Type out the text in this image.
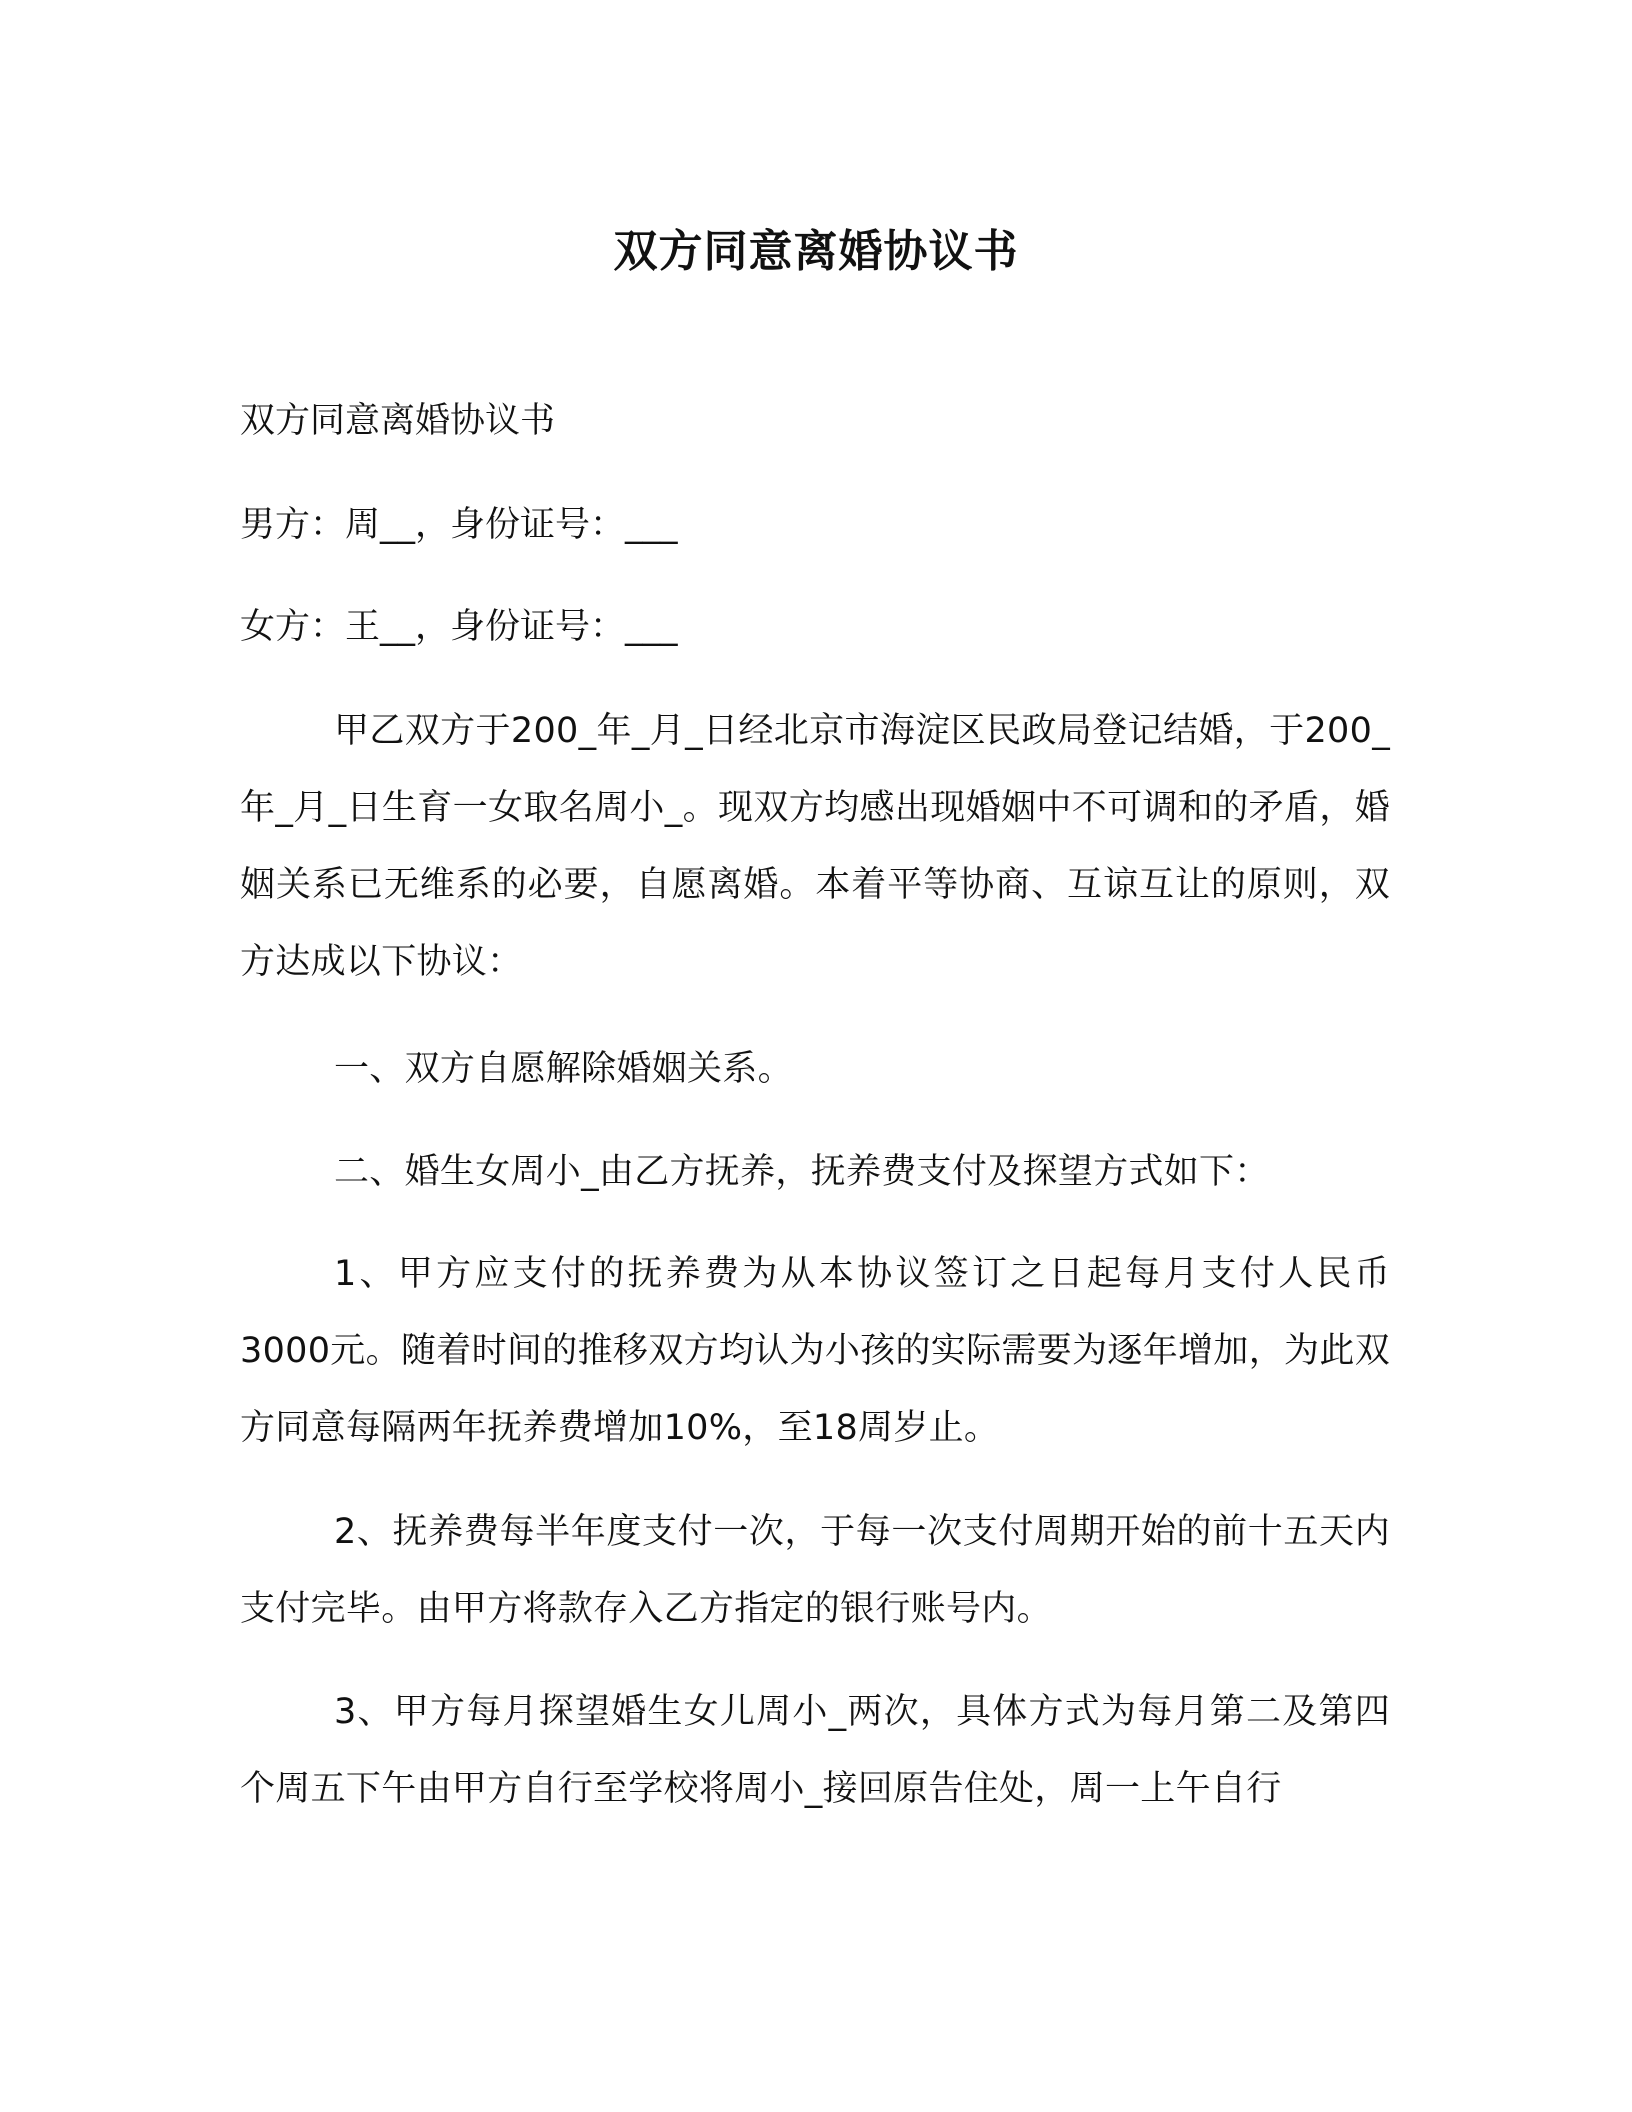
双方同意离婚协议书
双方同意离婚协议书
男方：周__，身份证号：___
女方：王__，身份证号：___
甲乙双方于200_年_月_日经北京市海淀区民政局登记结婚，于200_年_月_日生育一女取名周小_。现双方均感出现婚姻中不可调和的矛盾，婚姻关系已无维系的必要，自愿离婚。本着平等协商、互谅互让的原则，双方达成以下协议：
一、双方自愿解除婚姻关系。
二、婚生女周小_由乙方抚养，抚养费支付及探望方式如下：
1、甲方应支付的抚养费为从本协议签订之日起每月支付人民币3000元。随着时间的推移双方均认为小孩的实际需要为逐年增加，为此双方同意每隔两年抚养费增加10%，至18周岁止。
2、抚养费每半年度支付一次，于每一次支付周期开始的前十五天内支付完毕。由甲方将款存入乙方指定的银行账号内。
3、甲方每月探望婚生女儿周小_两次，具体方式为每月第二及第四个周五下午由甲方自行至学校将周小_接回原告住处，周一上午自行
